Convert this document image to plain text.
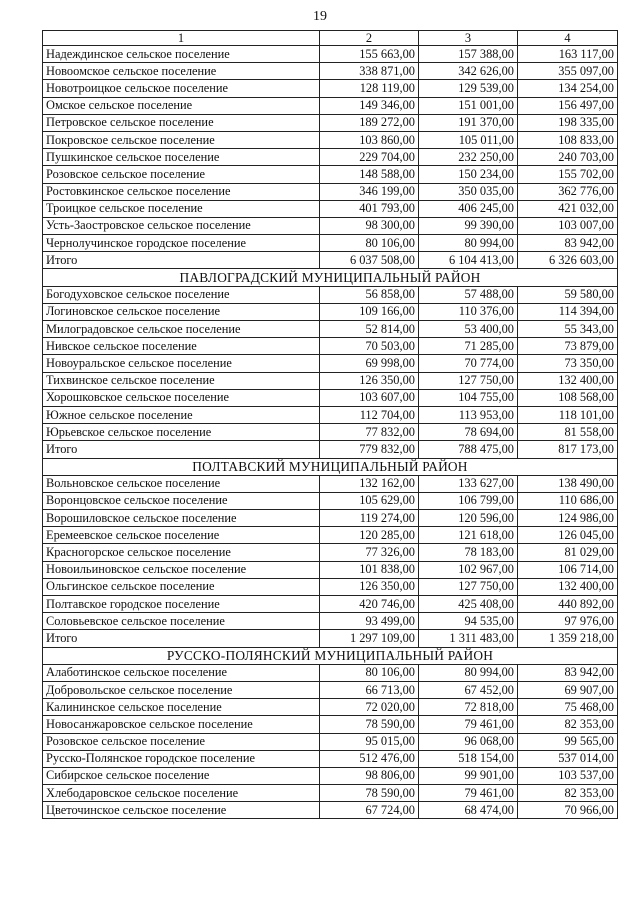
19
1	2	3	4
Надеждинское сельское поселение	155 663,00	157 388,00	163 117,00
Новоомское сельское поселение	338 871,00	342 626,00	355 097,00
Новотроицкое сельское поселение	128 119,00	129 539,00	134 254,00
Омское сельское поселение	149 346,00	151 001,00	156 497,00
Петровское сельское поселение	189 272,00	191 370,00	198 335,00
Покровское сельское поселение	103 860,00	105 011,00	108 833,00
Пушкинское сельское поселение	229 704,00	232 250,00	240 703,00
Розовское сельское поселение	148 588,00	150 234,00	155 702,00
Ростовкинское сельское поселение	346 199,00	350 035,00	362 776,00
Троицкое сельское поселение	401 793,00	406 245,00	421 032,00
Усть-Заостровское сельское поселение	98 300,00	99 390,00	103 007,00
Чернолучинское городское поселение	80 106,00	80 994,00	83 942,00
Итого	6 037 508,00	6 104 413,00	6 326 603,00
ПАВЛОГРАДСКИЙ МУНИЦИПАЛЬНЫЙ РАЙОН			
Богодуховское сельское поселение	56 858,00	57 488,00	59 580,00
Логиновское сельское поселение	109 166,00	110 376,00	114 394,00
Милоградовское сельское поселение	52 814,00	53 400,00	55 343,00
Нивское сельское поселение	70 503,00	71 285,00	73 879,00
Новоуральское сельское поселение	69 998,00	70 774,00	73 350,00
Тихвинское сельское поселение	126 350,00	127 750,00	132 400,00
Хорошковское сельское поселение	103 607,00	104 755,00	108 568,00
Южное сельское поселение	112 704,00	113 953,00	118 101,00
Юрьевское сельское поселение	77 832,00	78 694,00	81 558,00
Итого	779 832,00	788 475,00	817 173,00
ПОЛТАВСКИЙ МУНИЦИПАЛЬНЫЙ РАЙОН			
Вольновское сельское поселение	132 162,00	133 627,00	138 490,00
Воронцовское сельское поселение	105 629,00	106 799,00	110 686,00
Ворошиловское сельское поселение	119 274,00	120 596,00	124 986,00
Еремеевское сельское поселение	120 285,00	121 618,00	126 045,00
Красногорское сельское поселение	77 326,00	78 183,00	81 029,00
Новоильиновское сельское поселение	101 838,00	102 967,00	106 714,00
Ольгинское сельское поселение	126 350,00	127 750,00	132 400,00
Полтавское городское поселение	420 746,00	425 408,00	440 892,00
Соловьевское сельское поселение	93 499,00	94 535,00	97 976,00
Итого	1 297 109,00	1 311 483,00	1 359 218,00
РУССКО-ПОЛЯНСКИЙ МУНИЦИПАЛЬНЫЙ РАЙОН			
Алаботинское сельское поселение	80 106,00	80 994,00	83 942,00
Добровольское сельское поселение	66 713,00	67 452,00	69 907,00
Калининское сельское поселение	72 020,00	72 818,00	75 468,00
Новосанжаровское сельское поселение	78 590,00	79 461,00	82 353,00
Розовское сельское поселение	95 015,00	96 068,00	99 565,00
Русско-Полянское городское поселение	512 476,00	518 154,00	537 014,00
Сибирское сельское поселение	98 806,00	99 901,00	103 537,00
Хлебодаровское сельское поселение	78 590,00	79 461,00	82 353,00
Цветочинское сельское поселение	67 724,00	68 474,00	70 966,00
